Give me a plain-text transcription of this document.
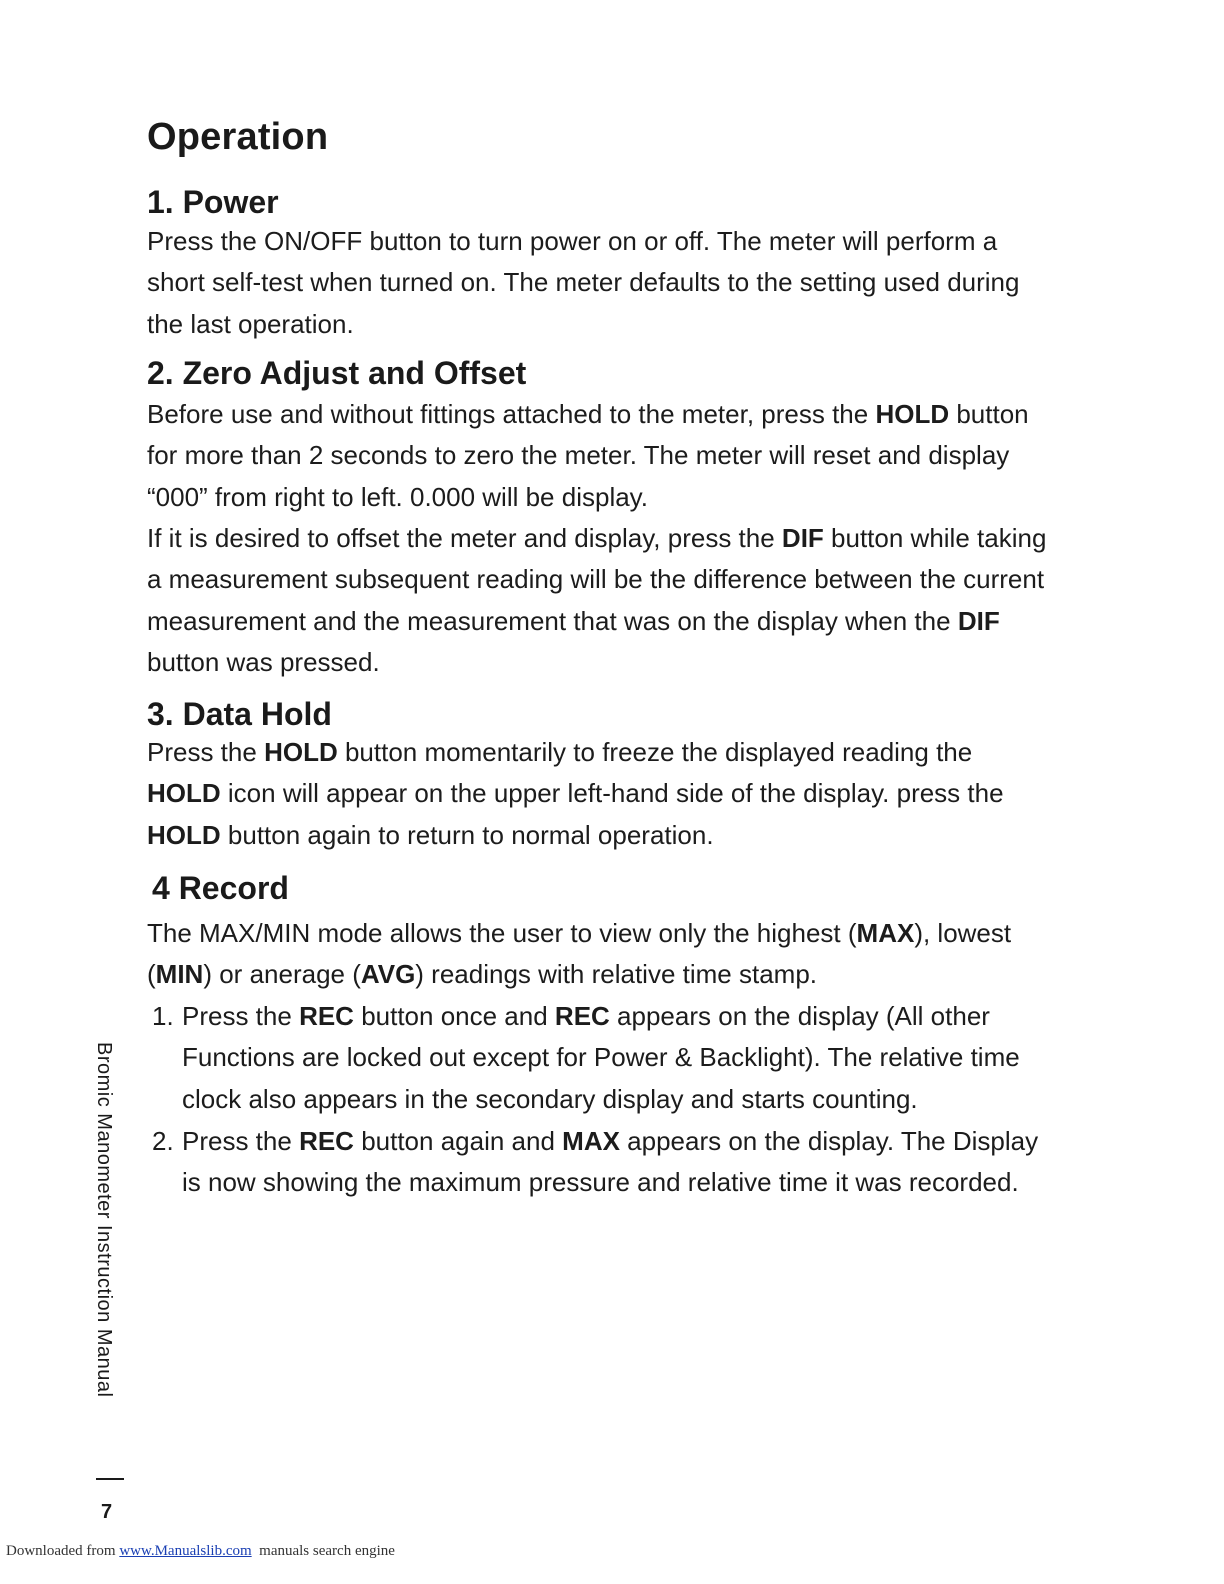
Operation
1. Power

Press the ON/OFF button to turn power on or off. The meter will perform a short self-test when turned on. The meter defaults to the setting used during the last operation.

2. Zero Adjust and Offset

Before use and without fittings attached to the meter, press the HOLD button for more than 2 seconds to zero the meter. The meter will reset and display “000” from right to left. 0.000 will be display.

If it is desired to offset the meter and display, press the DIF button while taking a measurement subsequent reading will be the difference between the current measurement and the measurement that was on the display when the DIF button was pressed.

3. Data Hold

Press the HOLD button momentarily to freeze the displayed reading the HOLD icon will appear on the upper left-hand side of the display. press the HOLD button again to return to normal operation.

4 Record

The MAX/MIN mode allows the user to view only the highest (MAX), lowest (MIN) or anerage (AVG) readings with relative time stamp.

1. Press the REC button once and REC appears on the display (All other Functions are locked out except for Power & Backlight). The relative time clock also appears in the secondary display and starts counting.
2. Press the REC button again and MAX appears on the display. The Display is now showing the maximum pressure and relative time it was recorded.
Bromic Manometer Instruction Manual
7
Downloaded from www.Manualslib.com  manuals search engine
